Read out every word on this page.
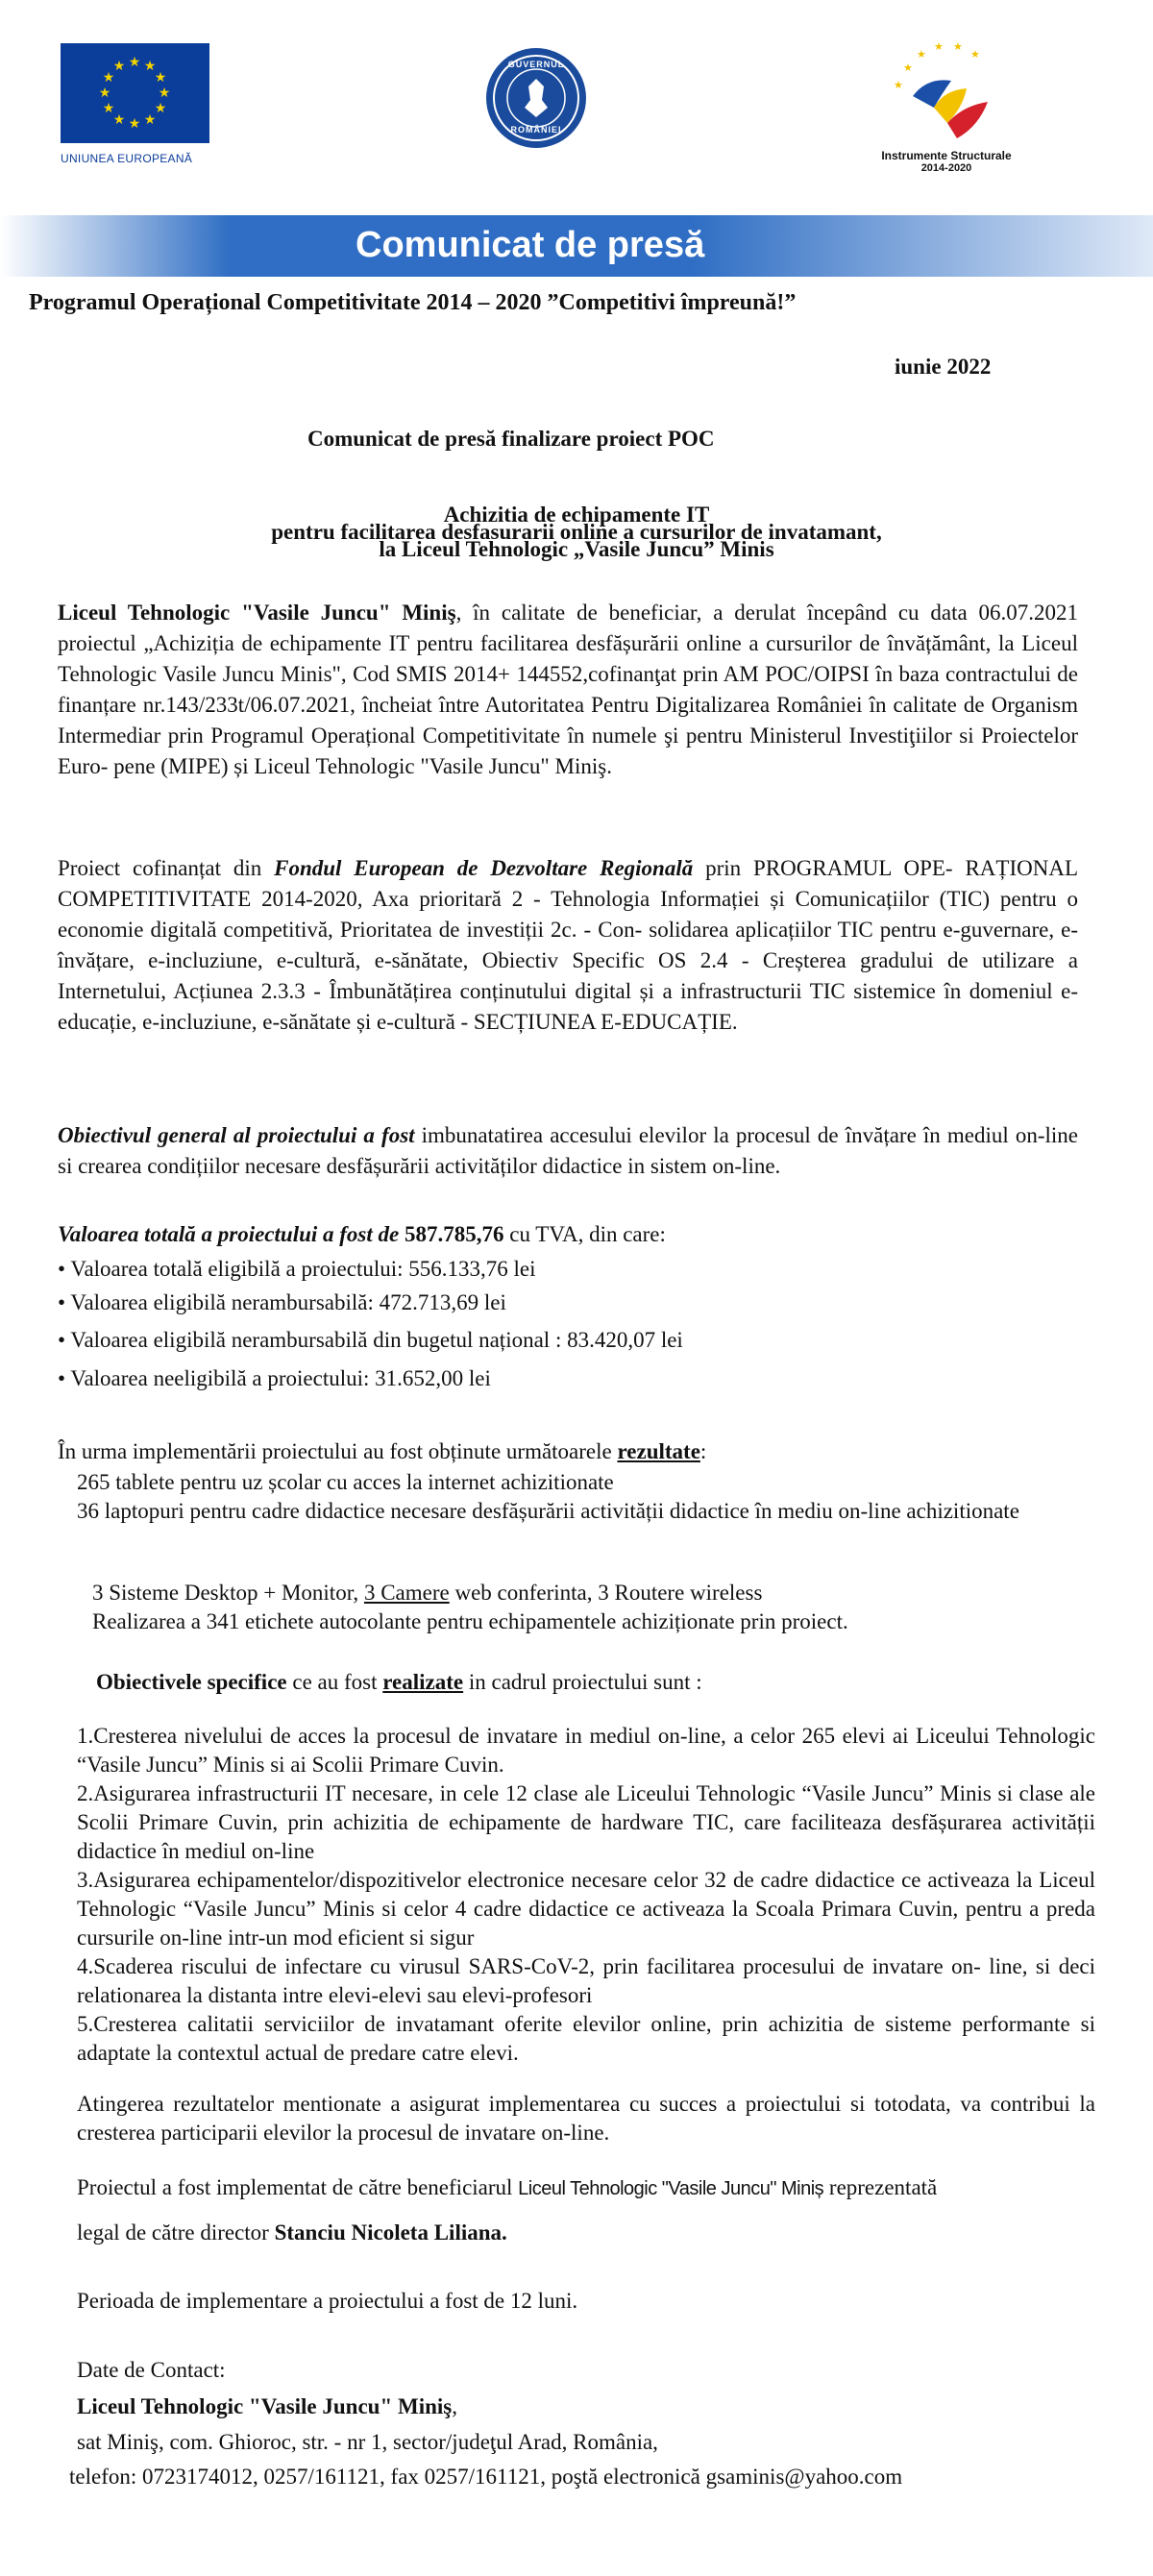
★ ★
★
★
★
★
★
★
★
★
★
★
UNIUNEA EUROPEANĂ
GUVERNUL
ROMÂNIEI
★
★
★ ★
★
★
Instrumente Structurale
2014-2020
Comunicat de presă
Programul Operațional Competitivitate 2014 – 2020 ”Competitivi împreună!”
iunie 2022
Comunicat de presă finalizare proiect POC
Achizitia de echipamente IT
pentru facilitarea desfasurarii online a cursurilor de invatamant,
la Liceul Tehnologic „Vasile Juncu” Minis

Liceul Tehnologic "Vasile Juncu" Miniş, în calitate de beneficiar, a derulat începând cu data 06.07.2021 proiectul „Achiziția de echipamente IT pentru facilitarea desfășurării online a cursurilor de învățământ, la Liceul Tehnologic Vasile Juncu Minis", Cod SMIS 2014+ 144552,cofinanţat prin AM POC/OIPSI în baza contractului de finanțare nr.143/233t/06.07.2021, încheiat între Autoritatea Pentru Digitalizarea României în calitate de Organism Intermediar prin Programul Operațional Competitivitate în numele şi pentru Ministerul Investiţiilor si Proiectelor Euro- pene (MIPE) și Liceul Tehnologic "Vasile Juncu" Miniş.

Proiect cofinanțat din Fondul European de Dezvoltare Regională prin PROGRAMUL OPE- RAȚIONAL COMPETITIVITATE 2014-2020, Axa prioritară 2 - Tehnologia Informației și Comunicațiilor (TIC) pentru o economie digitală competitivă, Prioritatea de investiții 2c. - Con- solidarea aplicațiilor TIC pentru e-guvernare, e-învățare, e-incluziune, e-cultură, e-sănătate, Obiectiv Specific OS 2.4 - Creșterea gradului de utilizare a Internetului, Acțiunea 2.3.3 - Îmbunătățirea conținutului digital și a infrastructurii TIC sistemice în domeniul e-educație, e-incluziune, e-sănătate și e-cultură - SECȚIUNEA E-EDUCAȚIE.

Obiectivul general al proiectului a fost imbunatatirea accesului elevilor la procesul de învățare în mediul on-line si crearea condițiilor necesare desfășurării activităților didactice in sistem on-line.

Valoarea totală a proiectului a fost de 587.785,76 cu TVA, din care:
• Valoarea totală eligibilă a proiectului: 556.133,76 lei
• Valoarea eligibilă nerambursabilă: 472.713,69 lei
• Valoarea eligibilă nerambursabilă din bugetul național : 83.420,07 lei
• Valoarea neeligibilă a proiectului: 31.652,00 lei
În urma implementării proiectului au fost obținute următoarele rezultate:
265 tablete pentru uz școlar cu acces la internet achizitionate

36 laptopuri pentru cadre didactice necesare desfășurării activității didactice în mediu on-line achizitionate

3 Sisteme Desktop + Monitor, 3 Camere web conferinta, 3 Routere wireless
Realizarea a 341 etichete autocolante pentru echipamentele achiziționate prin proiect.
Obiectivele specifice ce au fost realizate in cadrul proiectului sunt :

1.Cresterea nivelului de acces la procesul de invatare in mediul on-line, a celor 265 elevi ai Liceului Tehnologic “Vasile Juncu” Minis si ai Scolii Primare Cuvin.

2.Asigurarea infrastructurii IT necesare, in cele 12 clase ale Liceului Tehnologic “Vasile Juncu” Minis si clase ale Scolii Primare Cuvin, prin achizitia de echipamente de hardware TIC, care faciliteaza desfășurarea activității didactice în mediul on-line

3.Asigurarea echipamentelor/dispozitivelor electronice necesare celor 32 de cadre didactice ce activeaza la Liceul Tehnologic “Vasile Juncu” Minis si celor 4 cadre didactice ce activeaza la Scoala Primara Cuvin, pentru a preda cursurile on-line intr-un mod eficient si sigur

4.Scaderea riscului de infectare cu virusul SARS-CoV-2, prin facilitarea procesului de invatare on- line, si deci relationarea la distanta intre elevi-elevi sau elevi-profesori

5.Cresterea calitatii serviciilor de invatamant oferite elevilor online, prin achizitia de sisteme performante si adaptate la contextul actual de predare catre elevi.

Atingerea rezultatelor mentionate a asigurat implementarea cu succes a proiectului si totodata, va contribui la cresterea participarii elevilor la procesul de invatare on-line.

Proiectul a fost implementat de către beneficiarul Liceul Tehnologic "Vasile Juncu" Miniș reprezentată
legal de către director Stanciu Nicoleta Liliana.
Perioada de implementare a proiectului a fost de 12 luni.
Date de Contact:
Liceul Tehnologic "Vasile Juncu" Miniş,
sat Miniş, com. Ghioroc, str. - nr 1, sector/judeţul Arad, România,
telefon: 0723174012, 0257/161121, fax 0257/161121, poştă electronică gsaminis@yahoo.com
